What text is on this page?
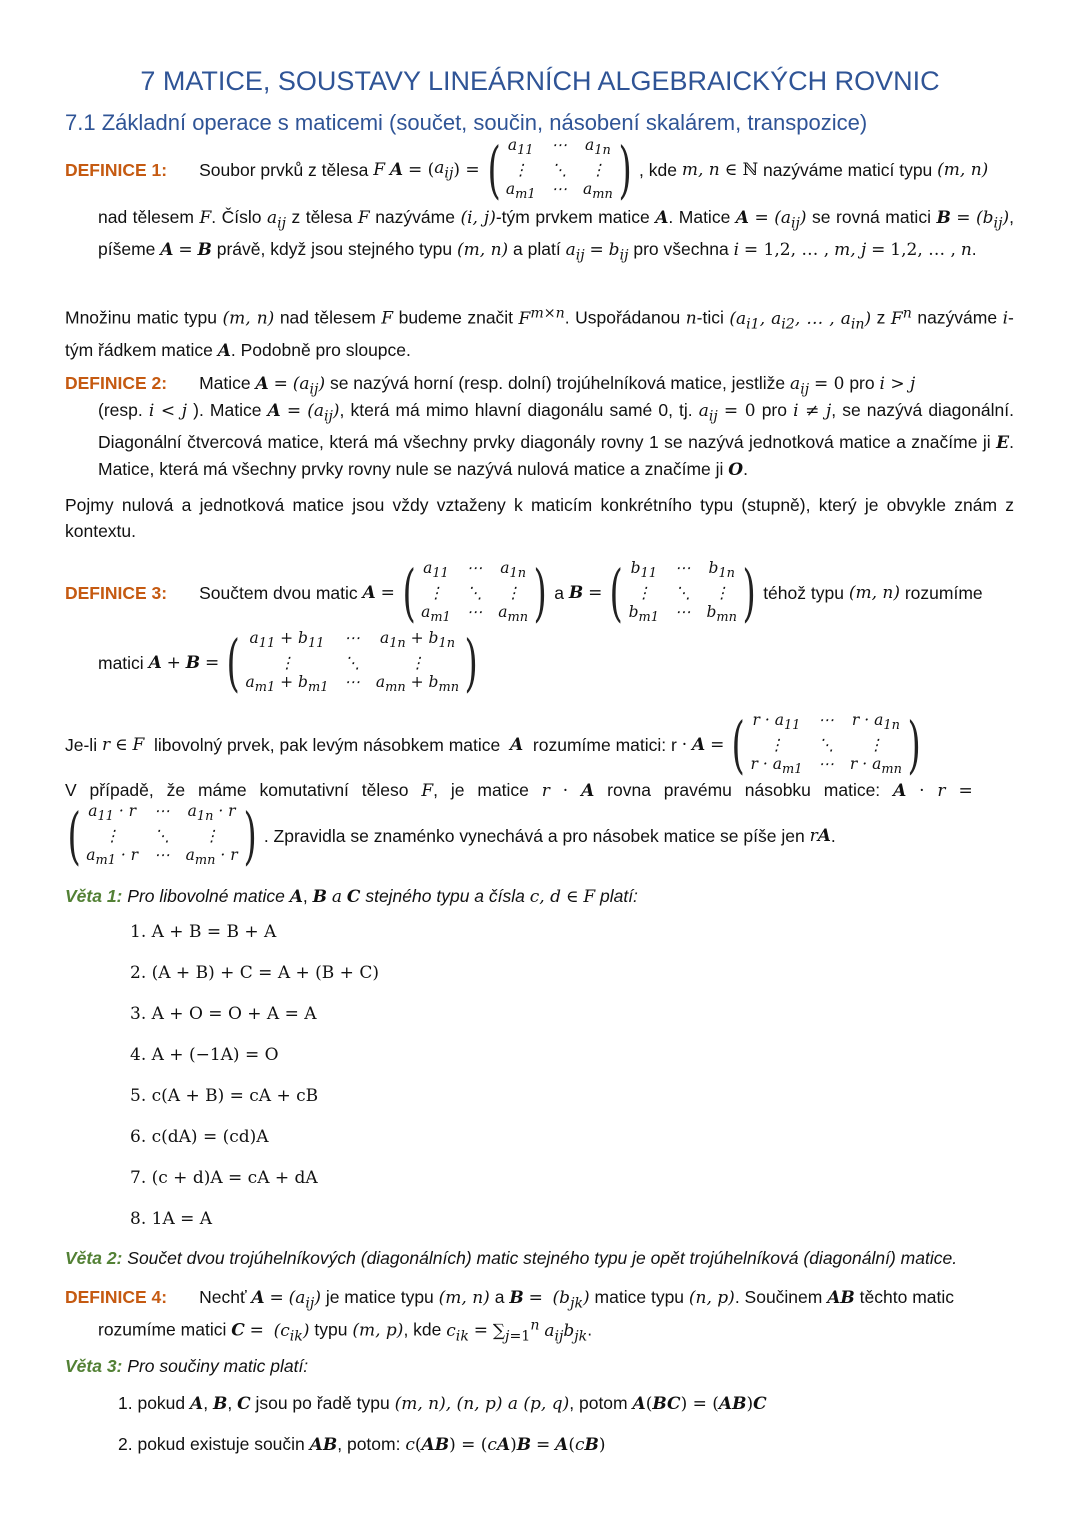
7 MATICE, SOUSTAVY LINEÁRNÍCH ALGEBRAICKÝCH ROVNIC
7.1 Základní operace s maticemi (součet, součin, násobení skalárem, transpozice)
DEFINICE 1: Soubor prvků z tělesa
F
A
= ( $a_{ij}$ ) = ( $a_{11}$ ⋯ $a_{1n}$
⋮	⋱	⋮
$a_{m1}$ ⋯ $a_{mn}$ ) , kde
m, n
∈ ℕ
nazýváme maticí typu
(m, n)
nad tělesem F. Číslo $a_{ij}$ z tělesa F nazýváme (i, j)-tým prvkem matice A. Matice $A = (a_{ij})$ se rovná matici $B = (b_{ij})$, píšeme A = B právě, když jsou stejného typu (m, n) a platí $a_{ij} = b_{ij}$ pro všechna i = 1,2, … , m, j = 1,2, … , n.
Množinu matic typu (m, n) nad tělesem F budeme značit $F^{m\times n}$. Uspořádanou n-tici ($a_{i1}$, $a_{i2}$, … , $a_{in}$) z $F^n$ nazýváme i-tým řádkem matice A. Podobně pro sloupce.
DEFINICE 2: Matice $A = (a_{ij})$ se nazývá horní (resp. dolní) trojúhelníková matice, jestliže $a_{ij} = 0$ pro i > j
(resp. i < j ). Matice $A = (a_{ij})$, která má mimo hlavní diagonálu samé 0, tj. $a_{ij} = 0$ pro i ≠ j, se nazývá diagonální. Diagonální čtvercová matice, která má všechny prvky diagonály rovny 1 se nazývá jednotková matice a značíme ji E. Matice, která má všechny prvky rovny nule se nazývá nulová matice a značíme ji O.
Pojmy nulová a jednotková matice jsou vždy vztaženy k maticím konkrétního typu (stupně), který je obvykle znám z kontextu.
DEFINICE 3: Součtem dvou matic
A
= ( $a_{11}$ ⋯ $a_{1n}$
⋮	⋱	⋮
$a_{m1}$ ⋯ $a_{mn}$ ) a
B
= ( $b_{11}$ ⋯ $b_{1n}$
⋮	⋱	⋮
$b_{m1}$ ⋯ $b_{mn}$ ) téhož typu
(m, n)
rozumíme
matici
A
+
B
= ( $a_{11} + b_{11}$ ⋯ $a_{1n} + b_{1n}$
⋮	⋱	⋮
$a_{m1} + b_{m1}$ ⋯ $a_{mn} + b_{mn}$ )
Je-li
r
∈
F
libovolný prvek, pak levým násobkem matice
A
rozumíme matici: r
·
A
= ( $r \cdot a_{11}$ ⋯ $r \cdot a_{1n}$
⋮	⋱	⋮
$r \cdot a_{m1}$ ⋯ $r \cdot a_{mn}$ )
V případě, že máme komutativní těleso F, je matice r · A rovna pravému násobku matice: A · r =
( $a_{11} \cdot r$ ⋯ $a_{1n} \cdot r$
⋮	⋱	⋮
$a_{m1} \cdot r$ ⋯ $a_{mn} \cdot r$ ) . Zpravidla se znaménko vynechává a pro násobek matice se píše jen
r A .
Věta 1: Pro libovolné matice A, B a C stejného typu a čísla c, d ∈ F platí:
1. A + B = B + A
2. (A + B) + C = A + (B + C)
3. A + O = O + A = A
4. A + (−1A) = O
5. c(A + B) = cA + cB
6. c(dA) = (cd)A
7. (c + d)A = cA + dA
8. 1A = A
Věta 2: Součet dvou trojúhelníkových (diagonálních) matic stejného typu je opět trojúhelníková (diagonální) matice.
DEFINICE 4: Nechť $A = (a_{ij})$ je matice typu (m, n) a $B = (b_{jk})$ matice typu (n, p). Součinem AB těchto matic
rozumíme matici $C = (c_{ik})$ typu (m, p), kde $c_{ik} = \sum_{j=1}^n$ $a_{ij}b_{jk}$.
Věta 3: Pro součiny matic platí:
1. pokud A, B, C jsou po řadě typu (m, n), (n, p) a (p, q), potom A(BC) = (AB)C
2. pokud existuje součin AB, potom: c(AB) = (cA)B = A(cB)
